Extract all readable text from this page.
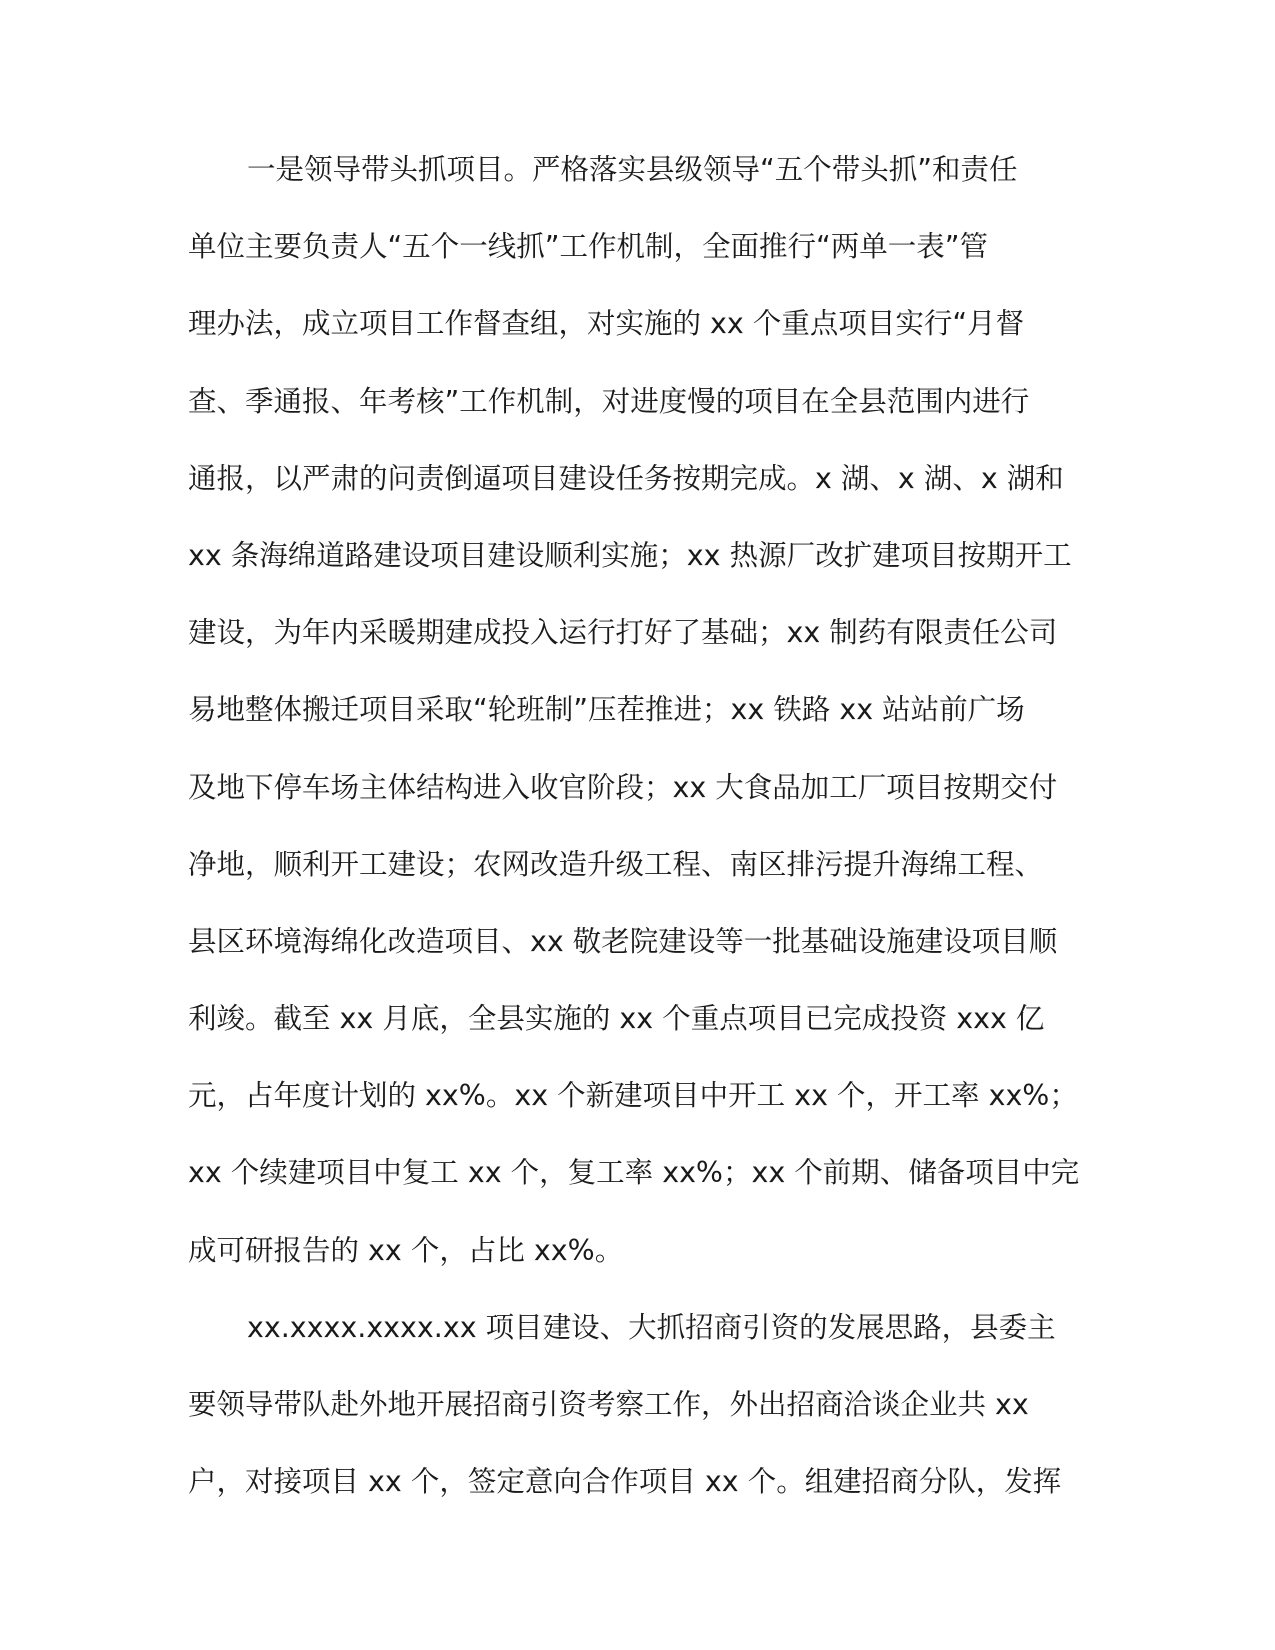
一是领导带头抓项目。严格落实县级领导“五个带头抓”和责任
单位主要负责人“五个一线抓”工作机制，全面推行“两单一表”管
理办法，成立项目工作督查组，对实施的 xx 个重点项目实行“月督
查、季通报、年考核”工作机制，对进度慢的项目在全县范围内进行
通报，以严肃的问责倒逼项目建设任务按期完成。x 湖、x 湖、x 湖和
xx 条海绵道路建设项目建设顺利实施；xx 热源厂改扩建项目按期开工
建设，为年内采暖期建成投入运行打好了基础；xx 制药有限责任公司
易地整体搬迁项目采取“轮班制”压茬推进；xx 铁路 xx 站站前广场
及地下停车场主体结构进入收官阶段；xx 大食品加工厂项目按期交付
净地，顺利开工建设；农网改造升级工程、南区排污提升海绵工程、
县区环境海绵化改造项目、xx 敬老院建设等一批基础设施建设项目顺
利竣。截至 xx 月底，全县实施的 xx 个重点项目已完成投资 xxx 亿
元，占年度计划的 xx%。xx 个新建项目中开工 xx 个，开工率 xx%；
xx 个续建项目中复工 xx 个，复工率 xx%；xx 个前期、储备项目中完
成可研报告的 xx 个，占比 xx%。
xx.xxxx.xxxx.xx 项目建设、大抓招商引资的发展思路，县委主
要领导带队赴外地开展招商引资考察工作，外出招商洽谈企业共 xx
户，对接项目 xx 个，签定意向合作项目 xx 个。组建招商分队，发挥
